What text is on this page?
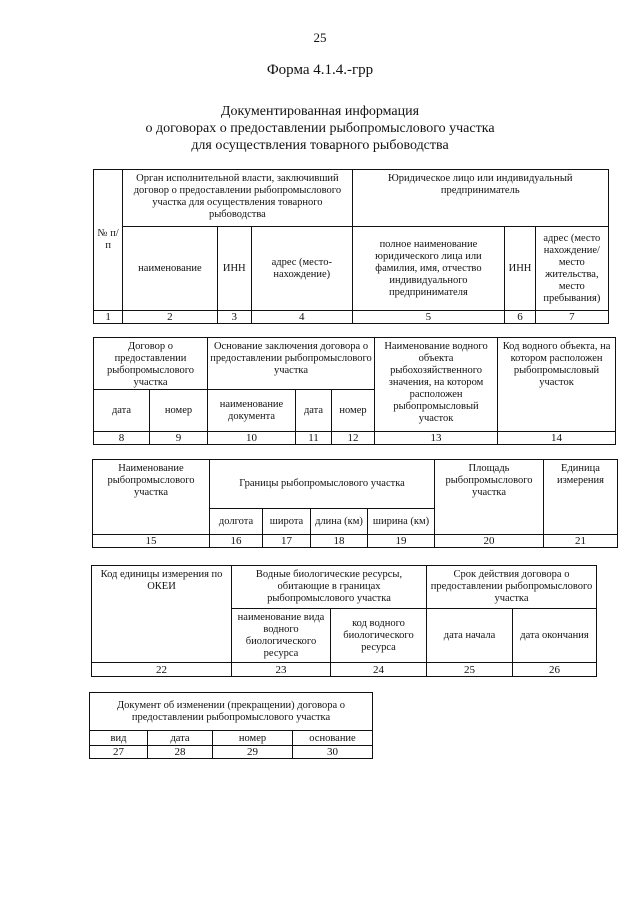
25
Форма 4.1.4.-грр
Документированная информация
о договорах о предоставлении рыбопромыслового участка
для осуществления товарного рыбоводства
№ п/п	Орган исполнительной власти, заключивший договор о предоставлении рыбопромыслового участка для осуществления товарного рыбоводства			Юридическое лицо или индивидуальный предприниматель		
	наименование	ИНН	адрес (место-нахождение)	полное наименование юридического лица или фамилия, имя, отчество индивидуального предпринимателя	ИНН	адрес (место нахождение/ место жительства, место пребывания)
1	2	3	4	5	6	7
Договор о предоставлении рыбопромыслового участка		Основание заключения договора о предоставлении рыбопромыслового участка			Наименование водного объекта рыбохозяйственного значения, на котором расположен рыбопромысловый участок	Код водного объекта, на котором расположен рыбопромысловый участок
дата	номер	наименование документа	дата	номер		
8	9	10	11	12	13	14
Наименование рыбопромыслового участка	Границы рыбопромыслового участка				Площадь рыбопромыслового участка	Единица измерения
	долгота	широта	длина (км)	ширина (км)		
15	16	17	18	19	20	21
Код единицы измерения по ОКЕИ	Водные биологические ресурсы, обитающие в границах рыбопромыслового участка		Срок действия договора о предоставлении рыбопромыслового участка	
	наименование вида водного биологического ресурса	код водного биологического ресурса	дата начала	дата окончания
22	23	24	25	26
Документ об изменении (прекращении) договора о предоставлении рыбопромыслового участка			
вид	дата	номер	основание
27	28	29	30
